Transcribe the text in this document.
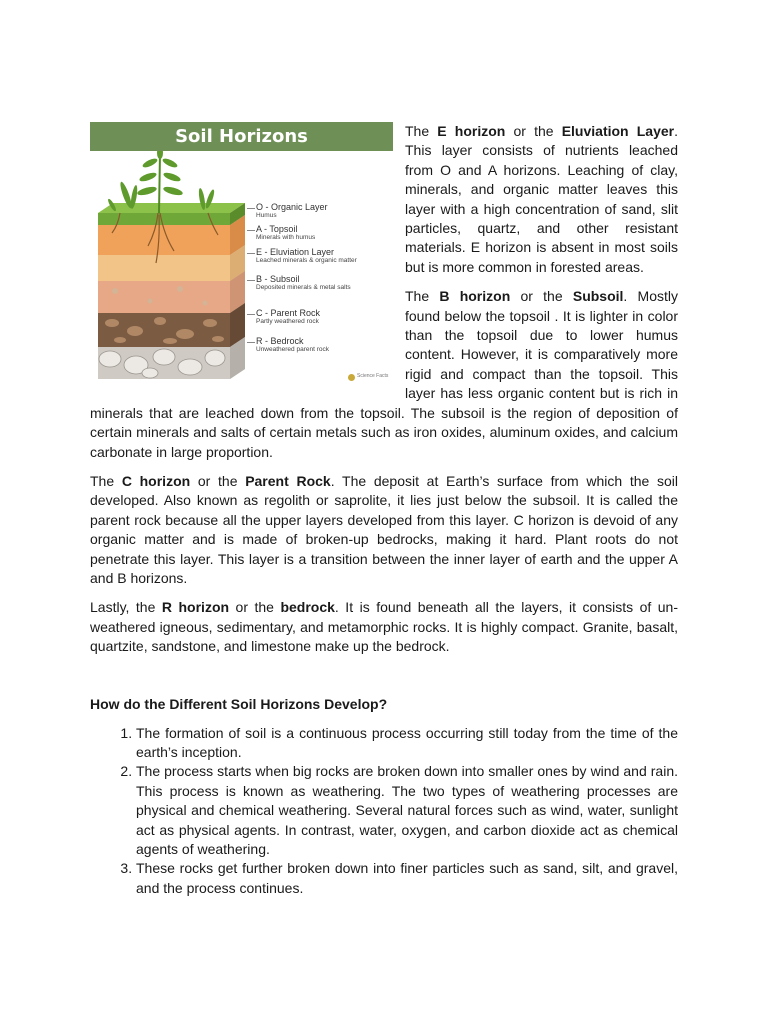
Soil Horizons
O - Organic Layer
Humus
A - Topsoil
Minerals with humus
E - Eluviation Layer
Leached minerals & organic matter
B - Subsoil
Deposited minerals & metal salts
C - Parent Rock
Partly weathered rock
R - Bedrock
Unweathered parent rock
Science Facts

The E horizon or the Eluviation Layer. This layer consists of nutrients leached from O and A horizons. Leaching of clay, minerals, and organic matter leaves this layer with a high concentration of sand, slit particles, quartz, and other resistant materials. E horizon is absent in most soils but is more common in forested areas.

The B horizon or the Subsoil. Mostly found below the topsoil . It is lighter in color than the topsoil due to lower humus content. However, it is comparatively more rigid and compact than the topsoil. This layer has less organic content but is rich in minerals that are leached down from the topsoil. The subsoil is the region of deposition of certain minerals and salts of certain metals such as iron oxides, aluminum oxides, and calcium carbonate in large proportion.

The C horizon or the Parent Rock. The deposit at Earth’s surface from which the soil developed. Also known as regolith or saprolite, it lies just below the subsoil. It is called the parent rock because all the upper layers developed from this layer. C horizon is devoid of any organic matter and is made of broken-up bedrocks, making it hard. Plant roots do not penetrate this layer. This layer is a transition between the inner layer of earth and the upper A and B horizons.

Lastly, the R horizon or the bedrock. It is found beneath all the layers, it consists of un-weathered igneous, sedimentary, and metamorphic rocks. It is highly compact. Granite, basalt, quartzite, sandstone, and limestone make up the bedrock.

How do the Different Soil Horizons Develop?
1. The formation of soil is a continuous process occurring still today from the time of the earth’s inception.
2. The process starts when big rocks are broken down into smaller ones by wind and rain. This process is known as weathering. The two types of weathering processes are physical and chemical weathering. Several natural forces such as wind, water, sunlight act as physical agents. In contrast, water, oxygen, and carbon dioxide act as chemical agents of weathering.
3. These rocks get further broken down into finer particles such as sand, silt, and gravel, and the process continues.
